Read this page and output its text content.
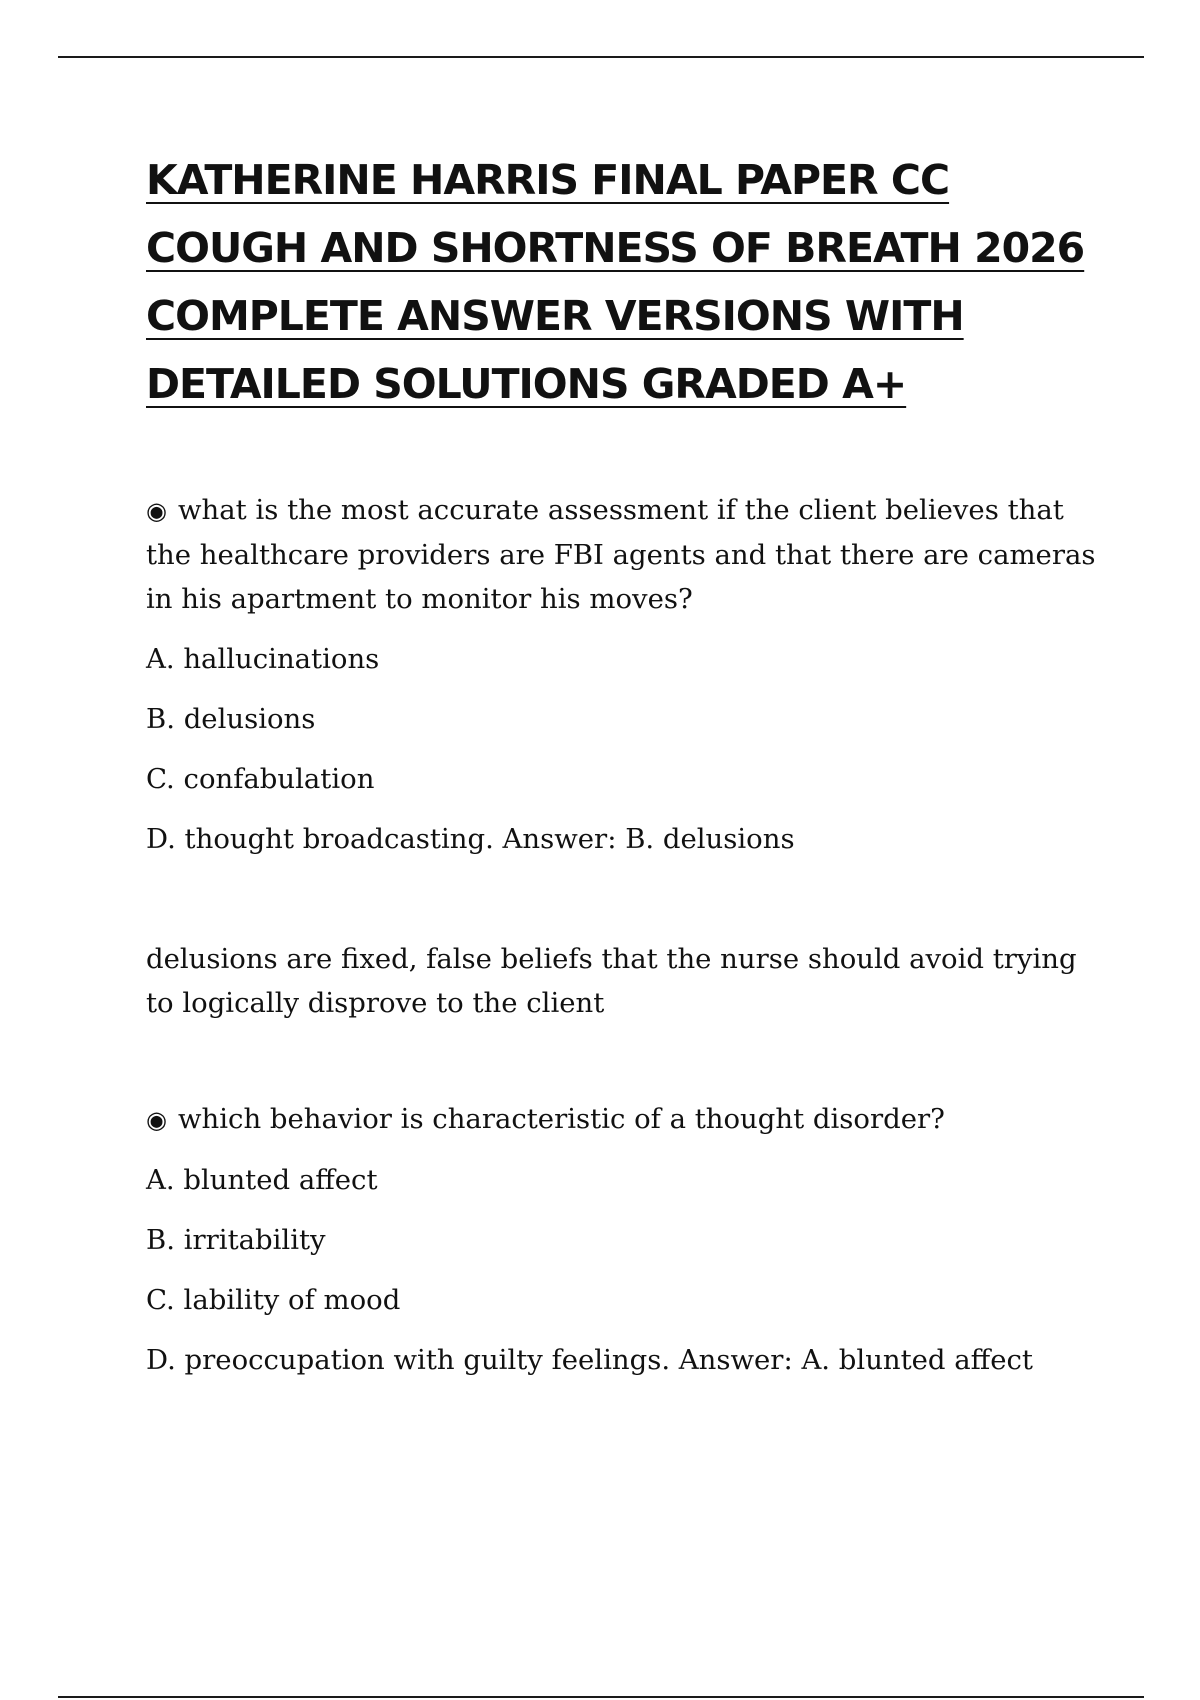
KATHERINE HARRIS FINAL PAPER CC COUGH AND SHORTNESS OF BREATH 2026 COMPLETE ANSWER VERSIONS WITH DETAILED SOLUTIONS GRADED A+

◉ what is the most accurate assessment if the client believes that the healthcare providers are FBI agents and that there are cameras in his apartment to monitor his moves?

A. hallucinations

B. delusions

C. confabulation

D. thought broadcasting. Answer: B. delusions

delusions are fixed, false beliefs that the nurse should avoid trying to logically disprove to the client

◉ which behavior is characteristic of a thought disorder?

A. blunted affect

B. irritability

C. lability of mood

D. preoccupation with guilty feelings. Answer: A. blunted affect
